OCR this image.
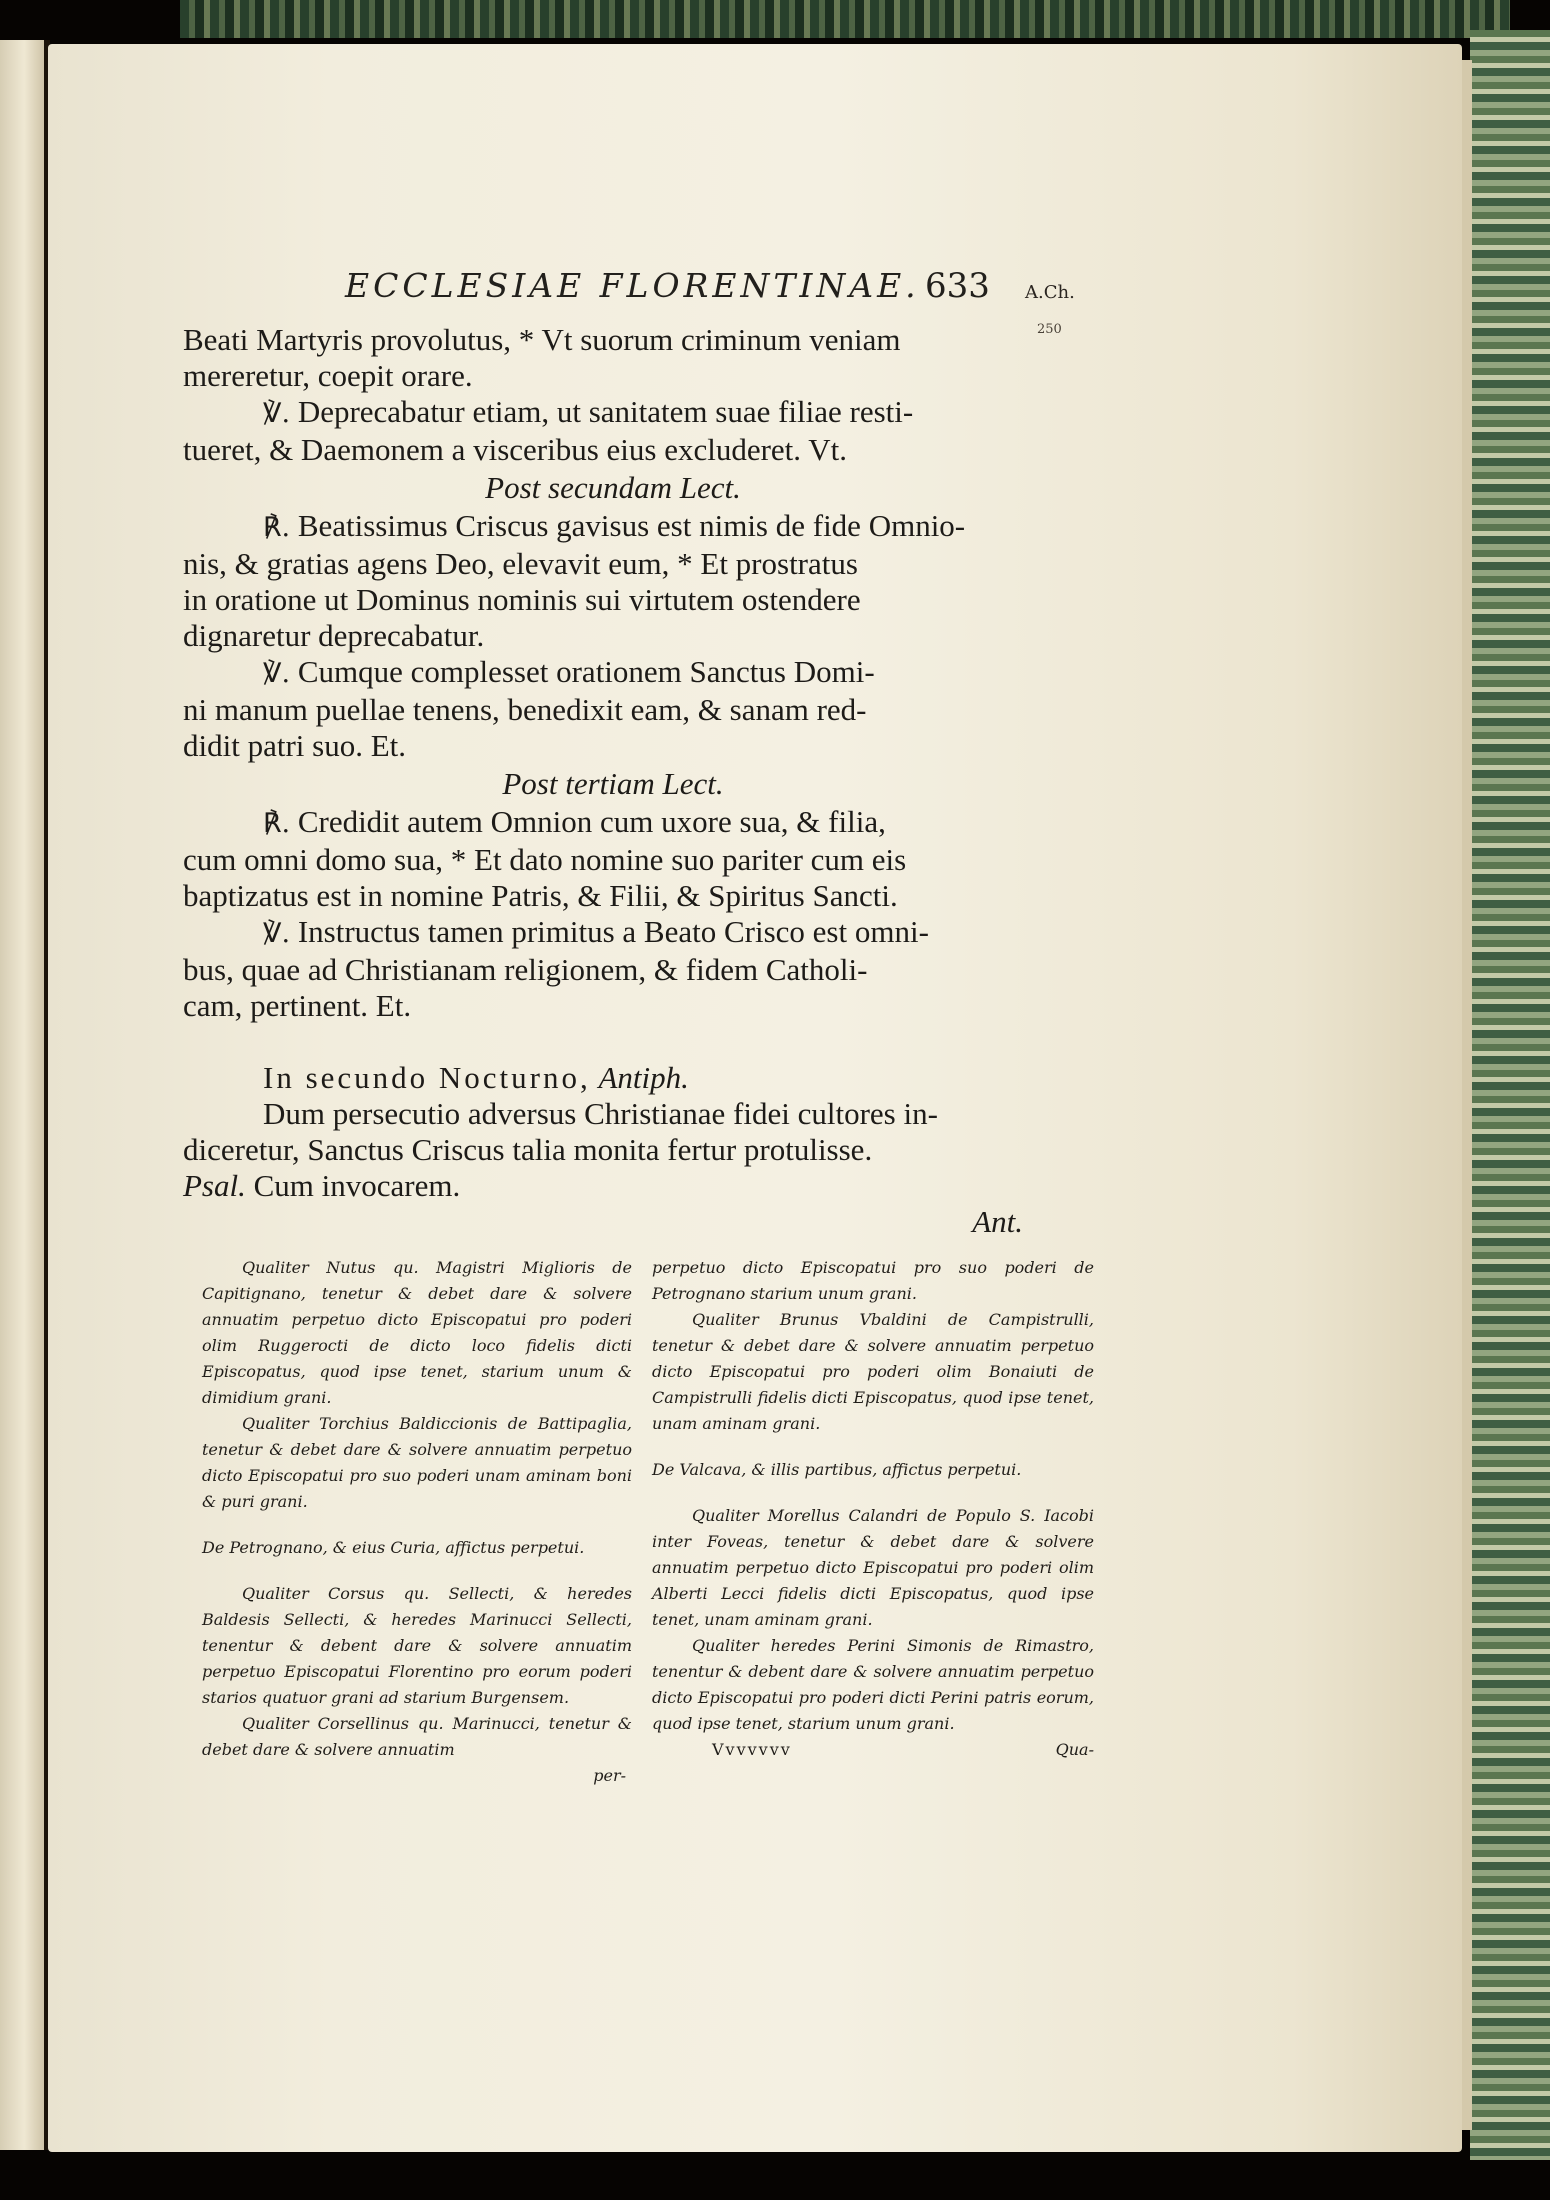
ECCLESIAE FLORENTINAE. 633 A.Ch.
250

Beati Martyris provolutus, * Vt suorum criminum veniam

mereretur, coepit orare.

℣. Deprecabatur etiam, ut sanitatem suae filiae resti-

tueret, & Daemonem a visceribus eius excluderet. Vt.

Post secundam Lect.

℟. Beatissimus Criscus gavisus est nimis de fide Omnio-

nis, & gratias agens Deo, elevavit eum, * Et prostratus

in oratione ut Dominus nominis sui virtutem ostendere

dignaretur deprecabatur.

℣. Cumque complesset orationem Sanctus Domi-

ni manum puellae tenens, benedixit eam, & sanam red-

didit patri suo. Et.

Post tertiam Lect.

℟. Credidit autem Omnion cum uxore sua, & filia,

cum omni domo sua, * Et dato nomine suo pariter cum eis

baptizatus est in nomine Patris, & Filii, & Spiritus Sancti.

℣. Instructus tamen primitus a Beato Crisco est omni-

bus, quae ad Christianam religionem, & fidem Catholi-

cam, pertinent. Et.

In secundo Nocturno, Antiph.

Dum persecutio adversus Christianae fidei cultores in-

diceretur, Sanctus Criscus talia monita fertur protulisse.

Psal. Cum invocarem.

Ant.

Qualiter Nutus qu. Magistri Miglioris de Capitignano, tenetur & debet dare & solvere annuatim perpetuo dicto Episcopatui pro poderi olim Ruggerocti de dicto loco fidelis dicti Episcopatus, quod ipse tenet, starium unum & dimidium grani.

Qualiter Torchius Baldiccionis de Battipaglia, tenetur & debet dare & solvere annuatim perpetuo dicto Episcopatui pro suo poderi unam aminam boni & puri grani.

De Petrognano, & eius Curia, affictus perpetui.

Qualiter Corsus qu. Sellecti, & heredes Baldesis Sellecti, & heredes Marinucci Sellecti, tenentur & debent dare & solvere annuatim perpetuo Episcopatui Florentino pro eorum poderi starios quatuor grani ad starium Burgensem.

Qualiter Corsellinus qu. Marinucci, tenetur & debet dare & solvere annuatim

per-

perpetuo dicto Episcopatui pro suo poderi de Petrognano starium unum grani.

Qualiter Brunus Vbaldini de Campistrulli, tenetur & debet dare & solvere annuatim perpetuo dicto Episcopatui pro poderi olim Bonaiuti de Campistrulli fidelis dicti Episcopatus, quod ipse tenet, unam aminam grani.

De Valcava, & illis partibus, affictus perpetui.

Qualiter Morellus Calandri de Populo S. Iacobi inter Foveas, tenetur & debet dare & solvere annuatim perpetuo dicto Episcopatui pro poderi olim Alberti Lecci fidelis dicti Episcopatus, quod ipse tenet, unam aminam grani.

Qualiter heredes Perini Simonis de Rimastro, tenentur & debent dare & solvere annuatim perpetuo dicto Episcopatui pro poderi dicti Perini patris eorum, quod ipse tenet, starium unum grani.

Vvvvvvv	Qua-
